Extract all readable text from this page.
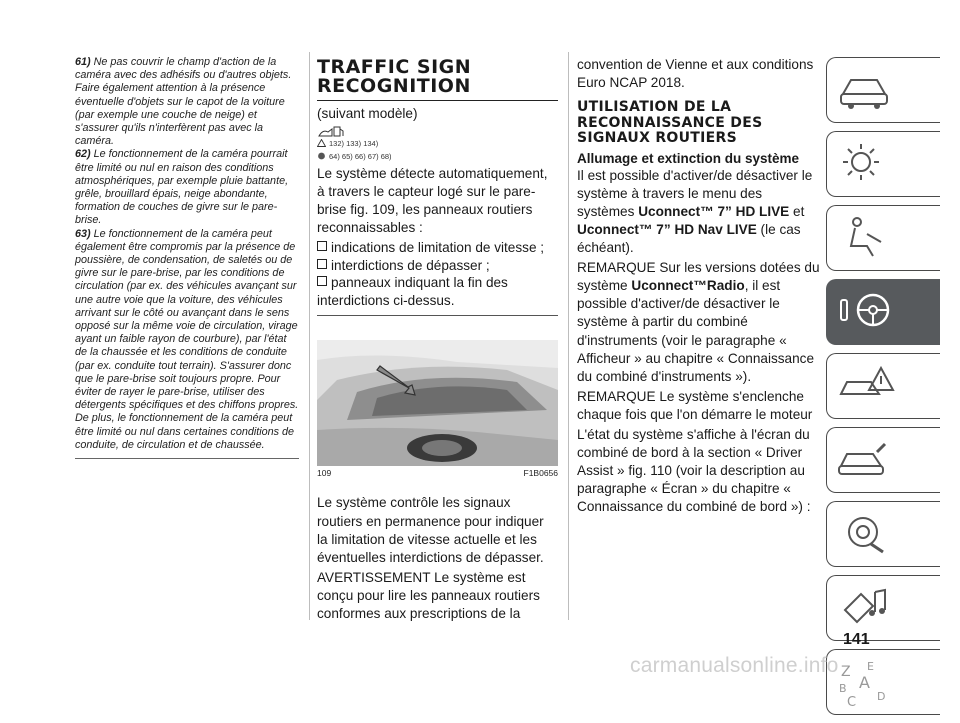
61) Ne pas couvrir le champ d'action de la caméra avec des adhésifs ou d'autres objets. Faire également attention à la présence éventuelle d'objets sur le capot de la voiture (par exemple une couche de neige) et s'assurer qu'ils n'interfèrent pas avec la caméra.

62) Le fonctionnement de la caméra pourrait être limité ou nul en raison des conditions atmosphériques, par exemple pluie battante, grêle, brouillard épais, neige abondante, formation de couches de givre sur le pare-brise.

63) Le fonctionnement de la caméra peut également être compromis par la présence de poussière, de condensation, de saletés ou de givre sur le pare-brise, par les conditions de circulation (par ex. des véhicules avançant sur une autre voie que la voiture, des véhicules arrivant sur le côté ou avançant dans le sens opposé sur la même voie de circulation, virage ayant un faible rayon de courbure), par l'état de la chaussée et les conditions de conduite (par ex. conduite tout terrain). S'assurer donc que le pare-brise soit toujours propre. Pour éviter de rayer le pare-brise, utiliser des détergents spécifiques et des chiffons propres. De plus, le fonctionnement de la caméra peut être limité ou nul dans certaines conditions de conduite, de circulation et de chaussée.

TRAFFIC SIGN
RECOGNITION

(suivant modèle)

132) 133) 134)

64) 65) 66) 67) 68)

Le système détecte automatiquement, à travers le capteur logé sur le pare-brise fig. 109, les panneaux routiers reconnaissables :

indications de limitation de vitesse ;

interdictions de dépasser ;

panneaux indiquant la fin des interdictions ci-dessus.

109	F1B0656

Le système contrôle les signaux routiers en permanence pour indiquer la limitation de vitesse actuelle et les éventuelles interdictions de dépasser.

AVERTISSEMENT Le système est conçu pour lire les panneaux routiers conformes aux prescriptions de la

convention de Vienne et aux conditions Euro NCAP 2018.

UTILISATION DE LA
RECONNAISSANCE DES
SIGNAUX ROUTIERS

Allumage et extinction du système

Il est possible d'activer/de désactiver le système à travers le menu des systèmes Uconnect™ 7” HD LIVE et Uconnect™ 7” HD Nav LIVE (le cas échéant).

REMARQUE Sur les versions dotées du système Uconnect™Radio, il est possible d'activer/de désactiver le système à partir du combiné d'instruments (voir le paragraphe « Afficheur » au chapitre « Connaissance du combiné d'instruments »).

REMARQUE Le système s'enclenche chaque fois que l'on démarre le moteur

L'état du système s'affiche à l'écran du combiné de bord à la section « Driver Assist » fig. 110 (voir la description au paragraphe « Écran » du chapitre « Connaissance du combiné de bord ») :

Z E
A
B
C D
141
carmanualsonline.info
